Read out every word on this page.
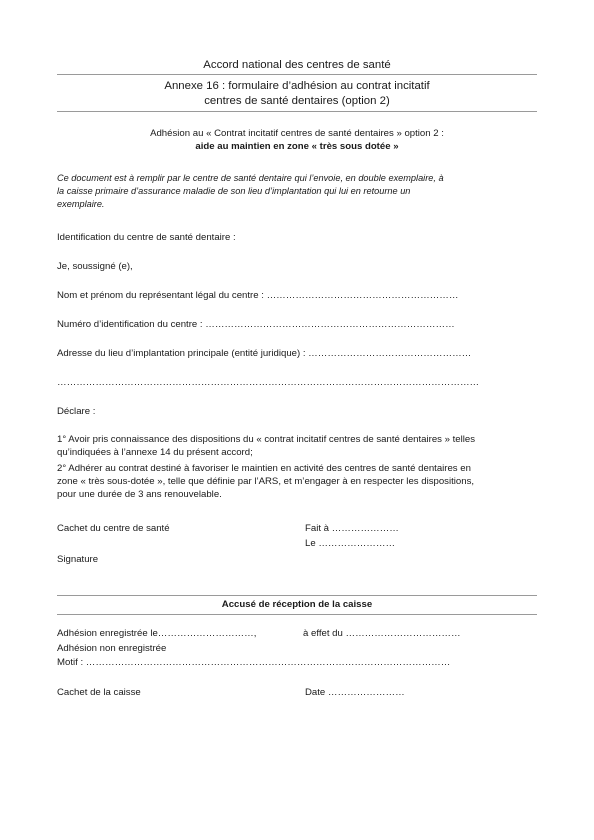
Accord national des centres de santé
Annexe 16 : formulaire d’adhésion au contrat incitatif
centres de santé dentaires (option 2)
Adhésion au « Contrat incitatif centres de santé dentaires » option 2 :
aide au maintien en zone « très sous dotée »
Ce document est à remplir par le centre de santé dentaire qui l’envoie, en double exemplaire, à
la caisse primaire d’assurance maladie de son lieu d’implantation qui lui en retourne un
exemplaire.
Identification du centre de santé dentaire :
Je, soussigné (e),
Nom et prénom du représentant légal du centre : ……………………………………………………
Numéro d’identification du centre : ……………………………………………………………………
Adresse du lieu d’implantation principale (entité juridique) : ……………………………………………
……………………………………………………………………………………………………………………
Déclare :
1° Avoir pris connaissance des dispositions du « contrat incitatif centres de santé dentaires » telles
qu’indiquées à l’annexe 14 du présent accord;
2° Adhérer au contrat destiné à favoriser le maintien en activité des centres de santé dentaires en
zone « très sous-dotée », telle que définie par l’ARS, et m’engager à en respecter les dispositions,
pour une durée de 3 ans renouvelable.
Cachet du centre de santé	Fait à …………………
Le ……………………
Signature
Accusé de réception de la caisse
Adhésion enregistrée le…………………………,	à effet du ………………………………
Adhésion non enregistrée
Motif : ……………………………………………………………………………………………………
Cachet de la caisse	Date ……………………
